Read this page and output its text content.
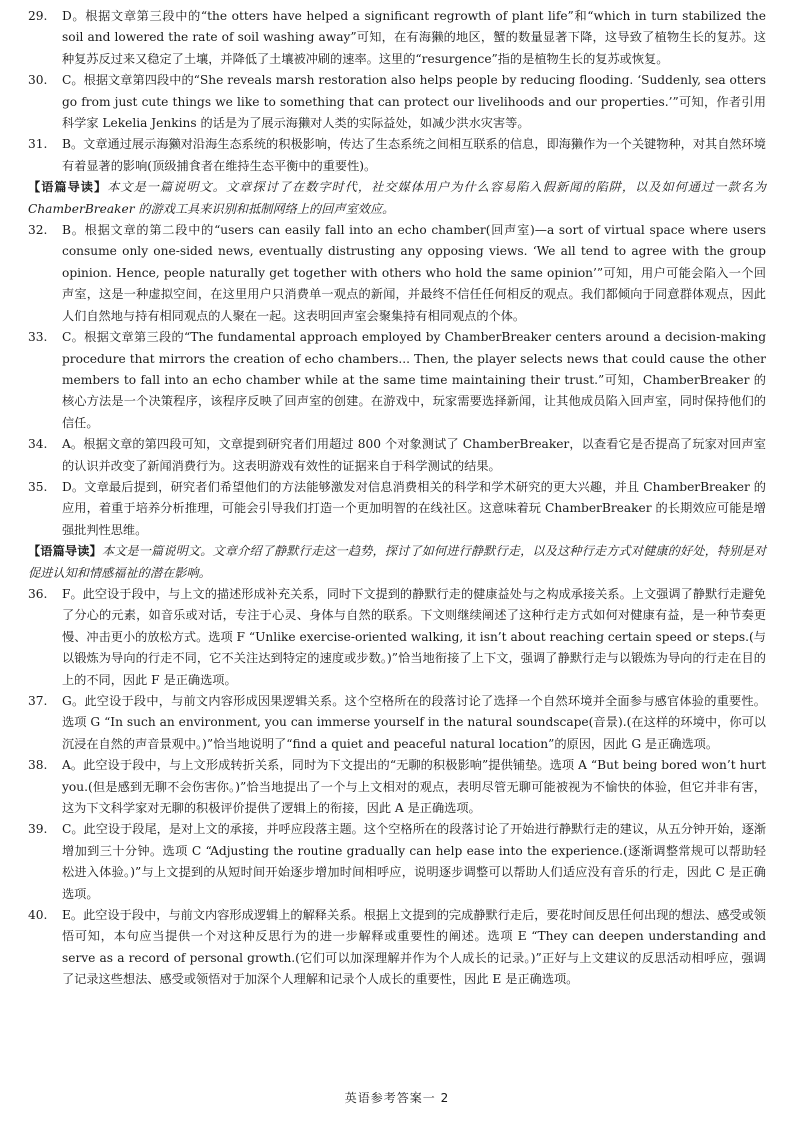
29. D。根据文章第三段中的“the otters have helped a significant regrowth of plant life”和“which in turn stabilized the soil and lowered the rate of soil washing away”可知，在有海獭的地区，蟹的数量显著下降，这导致了植物生长的复苏。这种复苏反过来又稳定了土壤，并降低了土壤被冲刷的速率。这里的“resurgence”指的是植物生长的复苏或恢复。
30. C。根据文章第四段中的“She reveals marsh restoration also helps people by reducing flooding. ‘Suddenly, sea otters go from just cute things we like to something that can protect our livelihoods and our properties.’”可知，作者引用科学家 Lekelia Jenkins 的话是为了展示海獭对人类的实际益处，如减少洪水灾害等。
31. B。文章通过展示海獭对沿海生态系统的积极影响，传达了生态系统之间相互联系的信息，即海獭作为一个关键物种，对其自然环境有着显著的影响(顶级捕食者在维持生态平衡中的重要性)。
【语篇导读】本文是一篇说明文。文章探讨了在数字时代，社交媒体用户为什么容易陷入假新闻的陷阱，以及如何通过一款名为 ChamberBreaker 的游戏工具来识别和抵制网络上的回声室效应。
32. B。根据文章的第二段中的“users can easily fall into an echo chamber(回声室)—a sort of virtual space where users consume only one-sided news, eventually distrusting any opposing views. ‘We all tend to agree with the group opinion. Hence, people naturally get together with others who hold the same opinion’”可知，用户可能会陷入一个回声室，这是一种虚拟空间，在这里用户只消费单一观点的新闻，并最终不信任任何相反的观点。我们都倾向于同意群体观点，因此人们自然地与持有相同观点的人聚在一起。这表明回声室会聚集持有相同观点的个体。
33. C。根据文章第三段的“The fundamental approach employed by ChamberBreaker centers around a decision-making procedure that mirrors the creation of echo chambers... Then, the player selects news that could cause the other members to fall into an echo chamber while at the same time maintaining their trust.”可知，ChamberBreaker 的核心方法是一个决策程序，该程序反映了回声室的创建。在游戏中，玩家需要选择新闻，让其他成员陷入回声室，同时保持他们的信任。
34. A。根据文章的第四段可知，文章提到研究者们用超过 800 个对象测试了 ChamberBreaker，以查看它是否提高了玩家对回声室的认识并改变了新闻消费行为。这表明游戏有效性的证据来自于科学测试的结果。
35. D。文章最后提到，研究者们希望他们的方法能够激发对信息消费相关的科学和学术研究的更大兴趣，并且 ChamberBreaker 的应用，着重于培养分析推理，可能会引导我们打造一个更加明智的在线社区。这意味着玩 ChamberBreaker 的长期效应可能是增强批判性思维。
【语篇导读】本文是一篇说明文。文章介绍了静默行走这一趋势，探讨了如何进行静默行走，以及这种行走方式对健康的好处，特别是对促进认知和情感福祉的潜在影响。
36. F。此空设于段中，与上文的描述形成补充关系，同时下文提到的静默行走的健康益处与之构成承接关系。上文强调了静默行走避免了分心的元素，如音乐或对话，专注于心灵、身体与自然的联系。下文则继续阐述了这种行走方式如何对健康有益，是一种节奏更慢、冲击更小的放松方式。选项 F “Unlike exercise-oriented walking, it isn’t about reaching certain speed or steps.(与以锻炼为导向的行走不同，它不关注达到特定的速度或步数。)”恰当地衔接了上下文，强调了静默行走与以锻炼为导向的行走在目的上的不同，因此 F 是正确选项。
37. G。此空设于段中，与前文内容形成因果逻辑关系。这个空格所在的段落讨论了选择一个自然环境并全面参与感官体验的重要性。选项 G “In such an environment, you can immerse yourself in the natural soundscape(音景).(在这样的环境中，你可以沉浸在自然的声音景观中。)”恰当地说明了“find a quiet and peaceful natural location”的原因，因此 G 是正确选项。
38. A。此空设于段中，与上文形成转折关系，同时为下文提出的“无聊的积极影响”提供铺垫。选项 A “But being bored won’t hurt you.(但是感到无聊不会伤害你。)”恰当地提出了一个与上文相对的观点，表明尽管无聊可能被视为不愉快的体验，但它并非有害，这为下文科学家对无聊的积极评价提供了逻辑上的衔接，因此 A 是正确选项。
39. C。此空设于段尾，是对上文的承接，并呼应段落主题。这个空格所在的段落讨论了开始进行静默行走的建议，从五分钟开始，逐渐增加到三十分钟。选项 C “Adjusting the routine gradually can help ease into the experience.(逐渐调整常规可以帮助轻松进入体验。)”与上文提到的从短时间开始逐步增加时间相呼应，说明逐步调整可以帮助人们适应没有音乐的行走，因此 C 是正确选项。
40. E。此空设于段中，与前文内容形成逻辑上的解释关系。根据上文提到的完成静默行走后，要花时间反思任何出现的想法、感受或领悟可知，本句应当提供一个对这种反思行为的进一步解释或重要性的阐述。选项 E “They can deepen understanding and serve as a record of personal growth.(它们可以加深理解并作为个人成长的记录。)”正好与上文建议的反思活动相呼应，强调了记录这些想法、感受或领悟对于加深个人理解和记录个人成长的重要性，因此 E 是正确选项。
英语参考答案一 2
